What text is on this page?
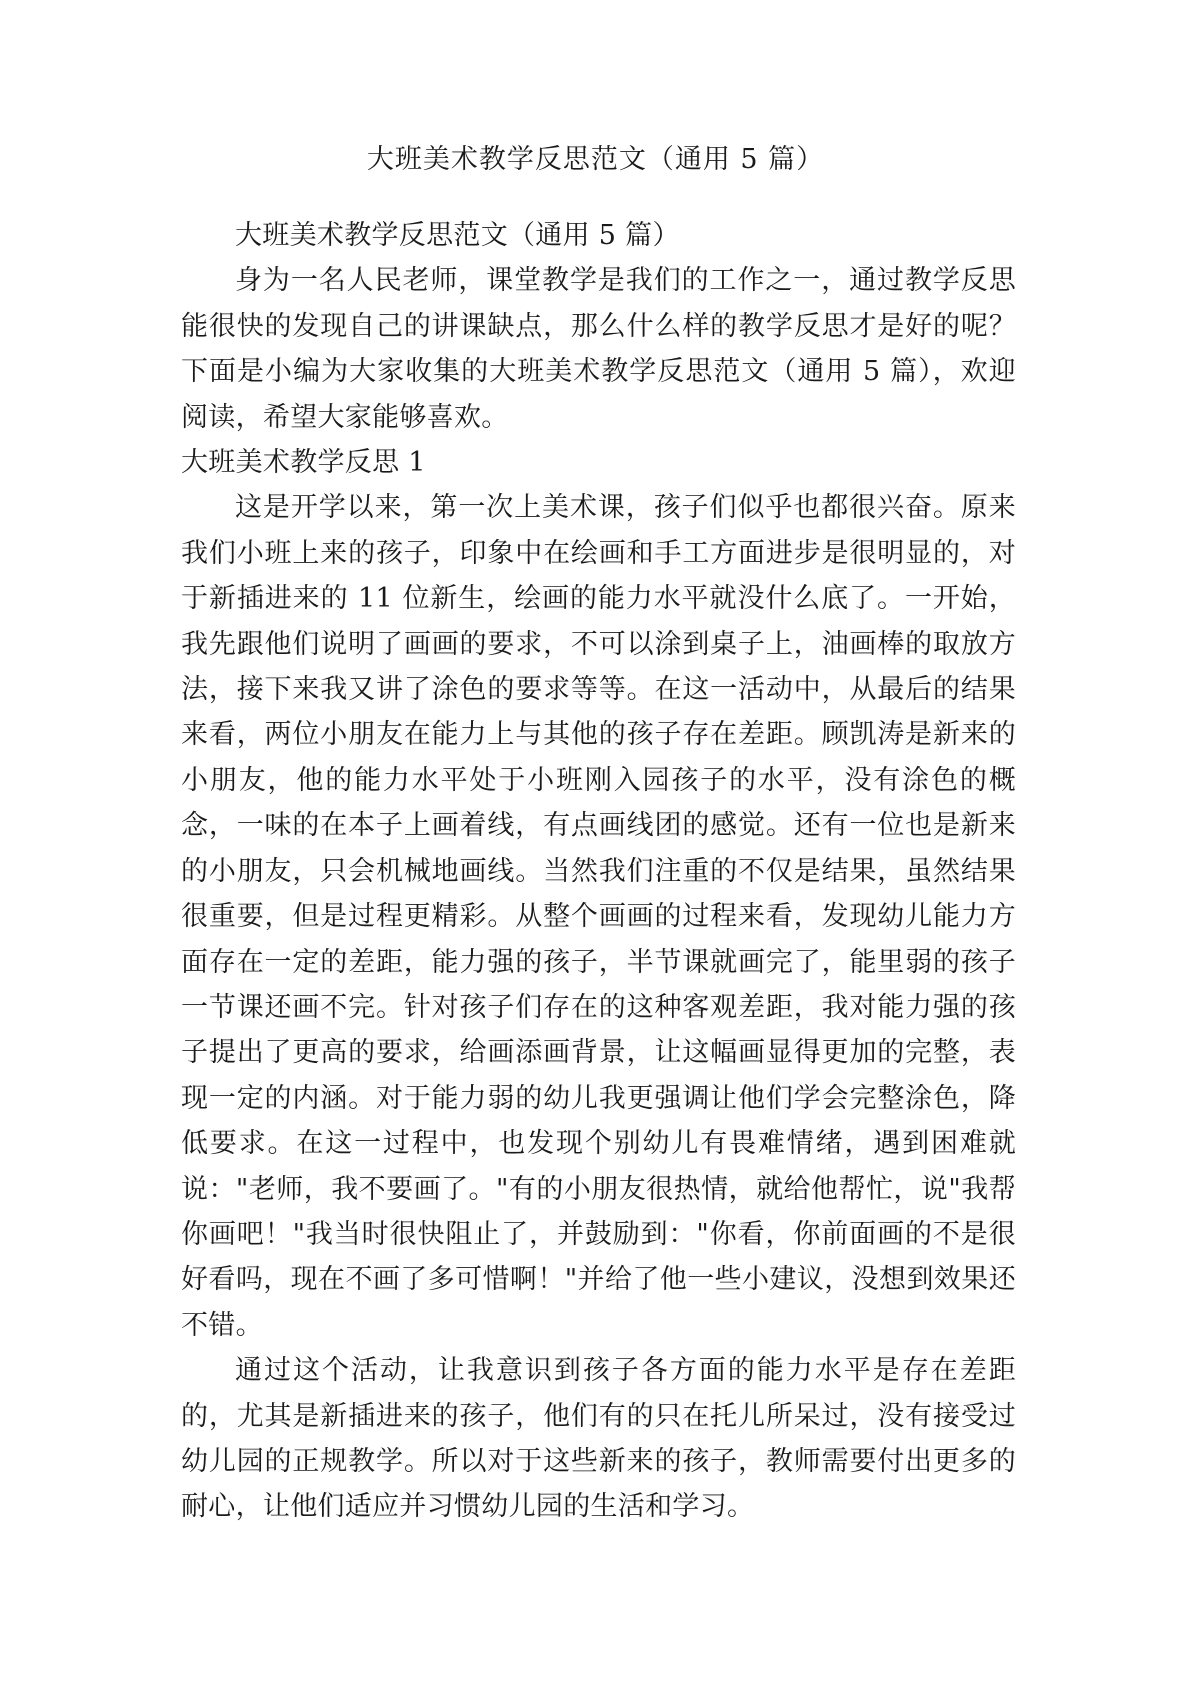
大班美术教学反思范文（通用 5 篇）

大班美术教学反思范文（通用 5 篇）

身为一名人民老师，课堂教学是我们的工作之一，通过教学反思能很快的发现自己的讲课缺点，那么什么样的教学反思才是好的呢？下面是小编为大家收集的大班美术教学反思范文（通用 5 篇），欢迎阅读，希望大家能够喜欢。

大班美术教学反思 1

这是开学以来，第一次上美术课，孩子们似乎也都很兴奋。原来我们小班上来的孩子，印象中在绘画和手工方面进步是很明显的，对于新插进来的 11 位新生，绘画的能力水平就没什么底了。一开始，我先跟他们说明了画画的要求，不可以涂到桌子上，油画棒的取放方法，接下来我又讲了涂色的要求等等。在这一活动中，从最后的结果来看，两位小朋友在能力上与其他的孩子存在差距。顾凯涛是新来的小朋友，他的能力水平处于小班刚入园孩子的水平，没有涂色的概念，一味的在本子上画着线，有点画线团的感觉。还有一位也是新来的小朋友，只会机械地画线。当然我们注重的不仅是结果，虽然结果很重要，但是过程更精彩。从整个画画的过程来看，发现幼儿能力方面存在一定的差距，能力强的孩子，半节课就画完了，能里弱的孩子一节课还画不完。针对孩子们存在的这种客观差距，我对能力强的孩子提出了更高的要求，给画添画背景，让这幅画显得更加的完整，表现一定的内涵。对于能力弱的幼儿我更强调让他们学会完整涂色，降低要求。在这一过程中，也发现个别幼儿有畏难情绪，遇到困难就说："老师，我不要画了。"有的小朋友很热情，就给他帮忙，说"我帮你画吧！"我当时很快阻止了，并鼓励到："你看，你前面画的不是很好看吗，现在不画了多可惜啊！"并给了他一些小建议，没想到效果还不错。

通过这个活动，让我意识到孩子各方面的能力水平是存在差距的，尤其是新插进来的孩子，他们有的只在托儿所呆过，没有接受过幼儿园的正规教学。所以对于这些新来的孩子，教师需要付出更多的耐心，让他们适应并习惯幼儿园的生活和学习。
